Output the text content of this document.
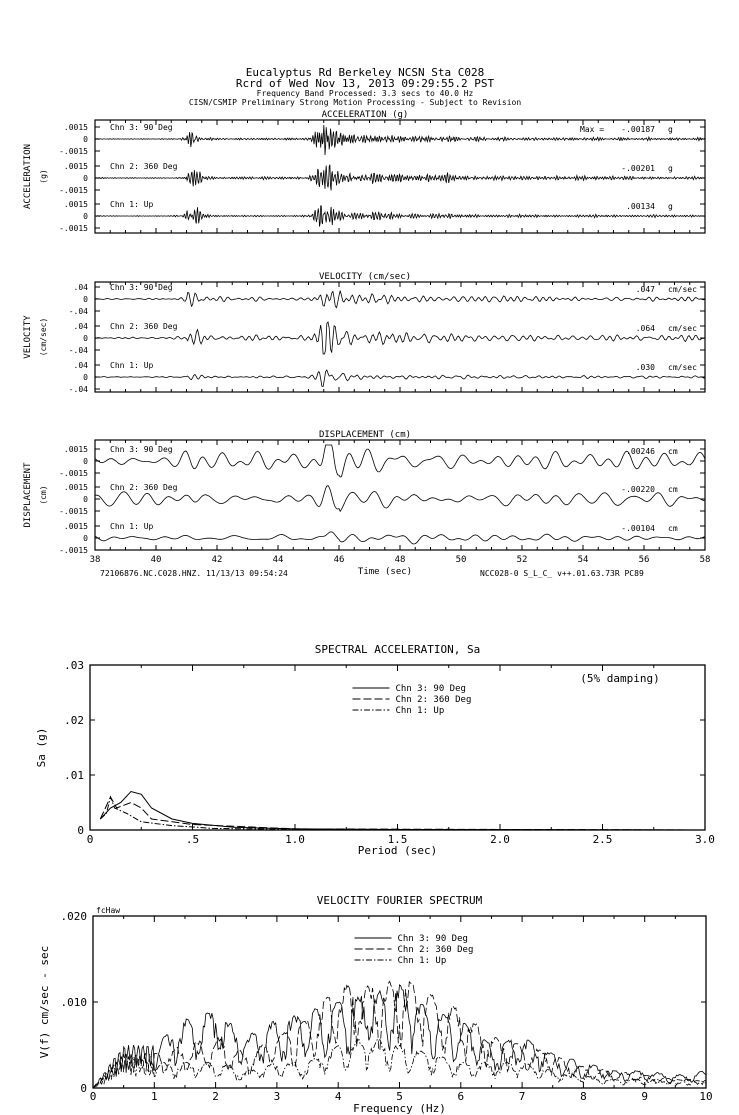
Eucalyptus Rd Berkeley NCSN Sta C028
Rcrd of Wed Nov 13, 2013 09:29:55.2 PST
Frequency Band Processed: 3.3 secs to 40.0 Hz
CISN/CSMIP Preliminary Strong Motion Processing - Subject to Revision
ACCELERATION (g)
ACCELERATION (g)
Chn 3: 90 Deg
.0015
0
-.0015
Max = -.00187 g
Chn 2: 360 Deg
.0015
0
-.0015
-.00201 g
Chn 1: Up
.0015
0
-.0015
.00134 g
VELOCITY (cm/sec)
VELOCITY (cm/sec)
Chn 3: 90 Deg
.04
0
-.04
.047 cm/sec
Chn 2: 360 Deg
.04
0
-.04
.064 cm/sec
Chn 1: Up
.04
0
-.04
.030 cm/sec
DISPLACEMENT (cm)
DISPLACEMENT (cm)
Chn 3: 90 Deg
.0015
0
-.0015
.00246 cm
Chn 2: 360 Deg
.0015
0
-.0015
-.00220 cm
Chn 1: Up
.0015
0
-.0015
-.00104 cm
38	40	42	44	46	48	50	52	54	56	58
Time (sec)
72106876.NC.C028.HNZ. 11/13/13 09:54:24	NCC028-0 S_L_C_ v++.01.63.73R PC89
SPECTRAL ACCELERATION, Sa
Period (sec)
Sa (g)
0
.01
.02
.03
Chn 3: 90 Deg
Chn 2: 360 Deg
Chn 1: Up
0	.5	1.0	1.5	2.0	2.5	3.0
(5% damping)
VELOCITY FOURIER SPECTRUM
Frequency (Hz)
V(f) cm/sec - sec
0
.010
.020
Chn 3: 90 Deg
Chn 2: 360 Deg
Chn 1: Up
0	1	2	3	4	5	6	7	8	9	10
fcHaw
